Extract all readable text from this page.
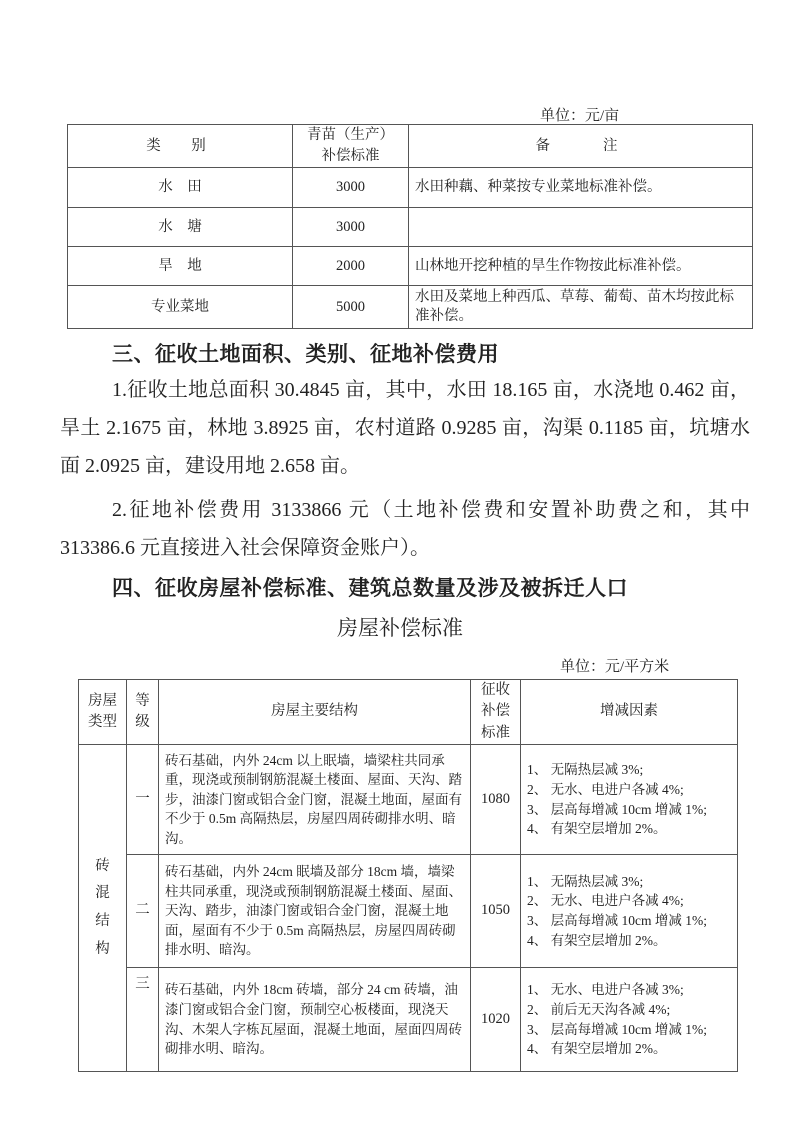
单位：元/亩
类　别	青苗（生产）补偿标准	备　　注
水　田	3000	水田种藕、种菜按专业菜地标准补偿。
水　塘	3000	
旱　地	2000	山林地开挖种植的旱生作物按此标准补偿。
专业菜地	5000	水田及菜地上种西瓜、草莓、葡萄、苗木均按此标准补偿。
三、征收土地面积、类别、征地补偿费用
1.征收土地总面积 30.4845 亩，其中，水田 18.165 亩，水浇地 0.462 亩，旱土 2.1675 亩，林地 3.8925 亩，农村道路 0.9285 亩，沟渠 0.1185 亩，坑塘水面 2.0925 亩，建设用地 2.658 亩。
2.征地补偿费用 3133866 元（土地补偿费和安置补助费之和，其中 313386.6 元直接进入社会保障资金账户）。
四、征收房屋补偿标准、建筑总数量及涉及被拆迁人口
房屋补偿标准
单位：元/平方米
房屋类型	等级	房屋主要结构	征收补偿标准	增减因素

砖混结构	一	砖石基础，内外 24cm 以上眠墙，墙梁柱共同承重，现浇或预制钢筋混凝土楼面、屋面、天沟、踏步，油漆门窗或铝合金门窗，混凝土地面，屋面有不少于 0.5m 高隔热层，房屋四周砖砌排水明、暗沟。	1080	1、 无隔热层减 3%;
2、 无水、电进户各减 4%;
3、 层高每增减 10cm 增减 1%;
4、 有架空层增加 2%。

	二	砖石基础，内外 24cm 眠墙及部分 18cm 墙，墙梁柱共同承重，现浇或预制钢筋混凝土楼面、屋面、天沟、踏步，油漆门窗或铝合金门窗，混凝土地面，屋面有不少于 0.5m 高隔热层，房屋四周砖砌排水明、暗沟。	1050	1、 无隔热层减 3%;
2、 无水、电进户各减 4%;
3、 层高每增减 10cm 增减 1%;
4、 有架空层增加 2%。

	三	砖石基础，内外 18cm 砖墙，部分 24 cm 砖墙，油漆门窗或铝合金门窗，预制空心板楼面，现浇天沟、木架人字栋瓦屋面，混凝土地面，屋面四周砖砌排水明、暗沟。	1020	1、 无水、电进户各减 3%;
2、 前后无天沟各减 4%;
3、 层高每增减 10cm 增减 1%;
4、 有架空层增加 2%。
